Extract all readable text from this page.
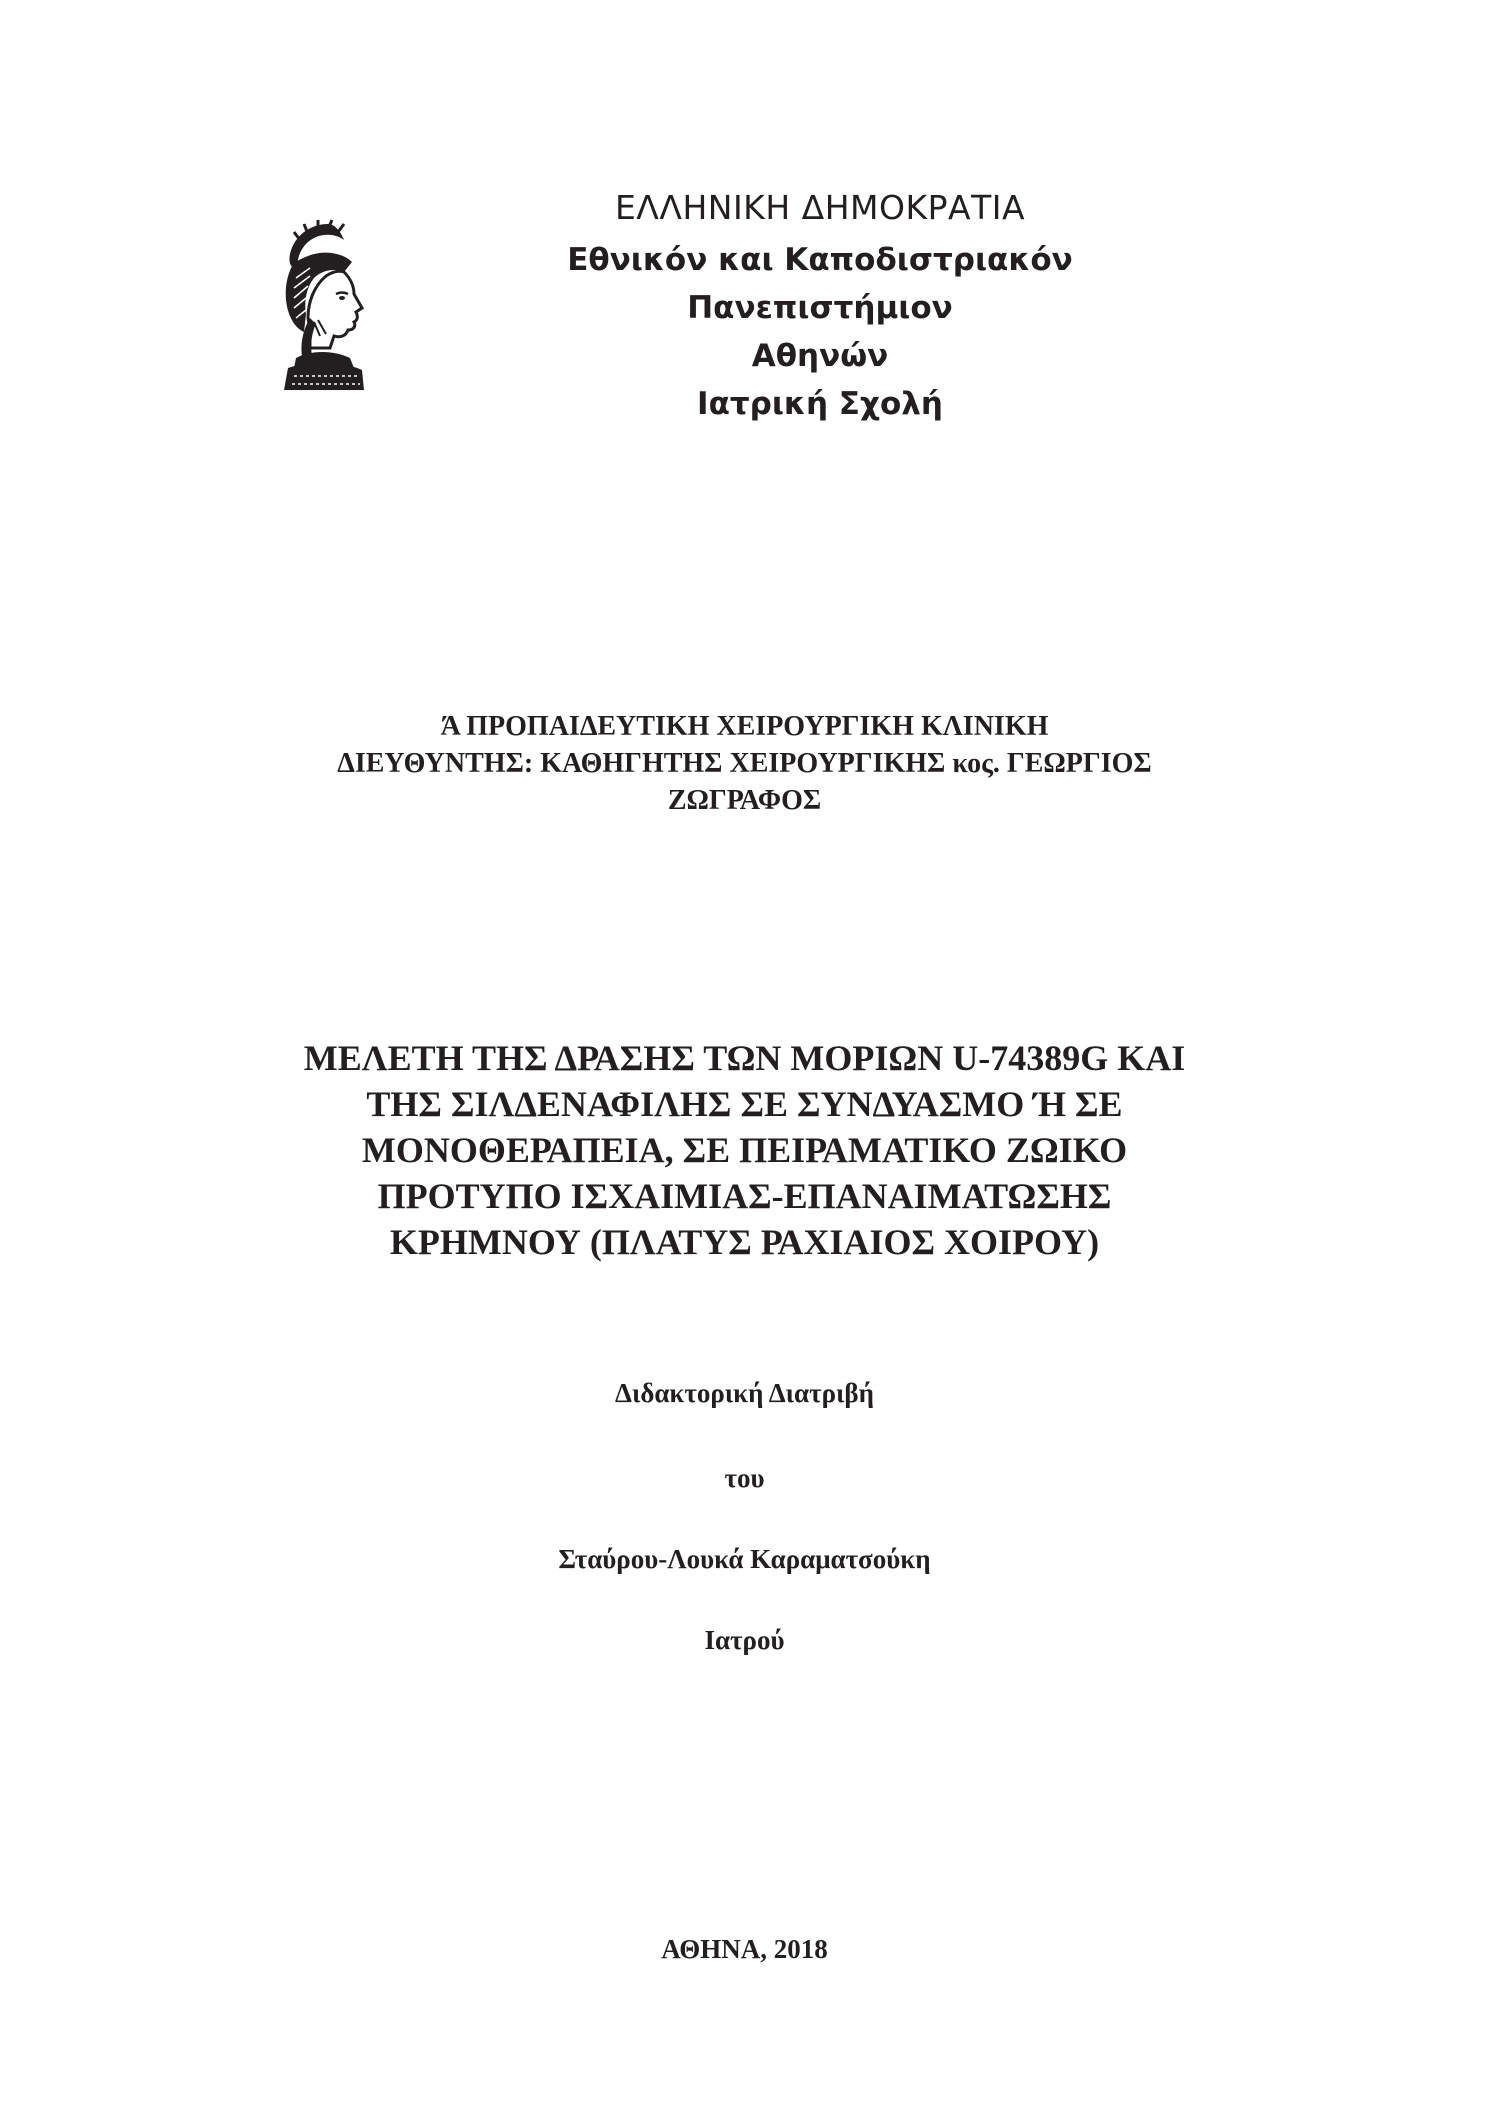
ΕΛΛΗΝΙΚΗ ΔΗΜΟΚΡΑΤΙΑ
Εθνικόν και Καποδιστριακόν Πανεπιστήμιον
Αθηνών
Ιατρική Σχολή
Ά ΠΡΟΠΑΙΔΕΥΤΙΚΗ ΧΕΙΡΟΥΡΓΙΚΗ ΚΛΙΝΙΚΗ
ΔΙΕΥΘΥΝΤΗΣ: ΚΑΘΗΓΗΤΗΣ ΧΕΙΡΟΥΡΓΙΚΗΣ κος. ΓΕΩΡΓΙΟΣ
ΖΩΓΡΑΦΟΣ
ΜΕΛΕΤΗ ΤΗΣ ΔΡΑΣΗΣ ΤΩΝ ΜΟΡΙΩΝ U-74389G ΚΑΙ
ΤΗΣ ΣΙΛΔΕΝΑΦΙΛΗΣ ΣΕ ΣΥΝΔΥΑΣΜΟ Ή ΣΕ
ΜΟΝΟΘΕΡΑΠΕΙΑ, ΣΕ ΠΕΙΡΑΜΑΤΙΚΟ ΖΩΙΚΟ
ΠΡΟΤΥΠΟ ΙΣΧΑΙΜΙΑΣ-ΕΠΑΝΑΙΜΑΤΩΣΗΣ
ΚΡΗΜΝΟΥ (ΠΛΑΤΥΣ ΡΑΧΙΑΙΟΣ ΧΟΙΡΟΥ)
Διδακτορική Διατριβή
του
Σταύρου-Λουκά Καραματσούκη
Ιατρού
ΑΘΗΝΑ, 2018
